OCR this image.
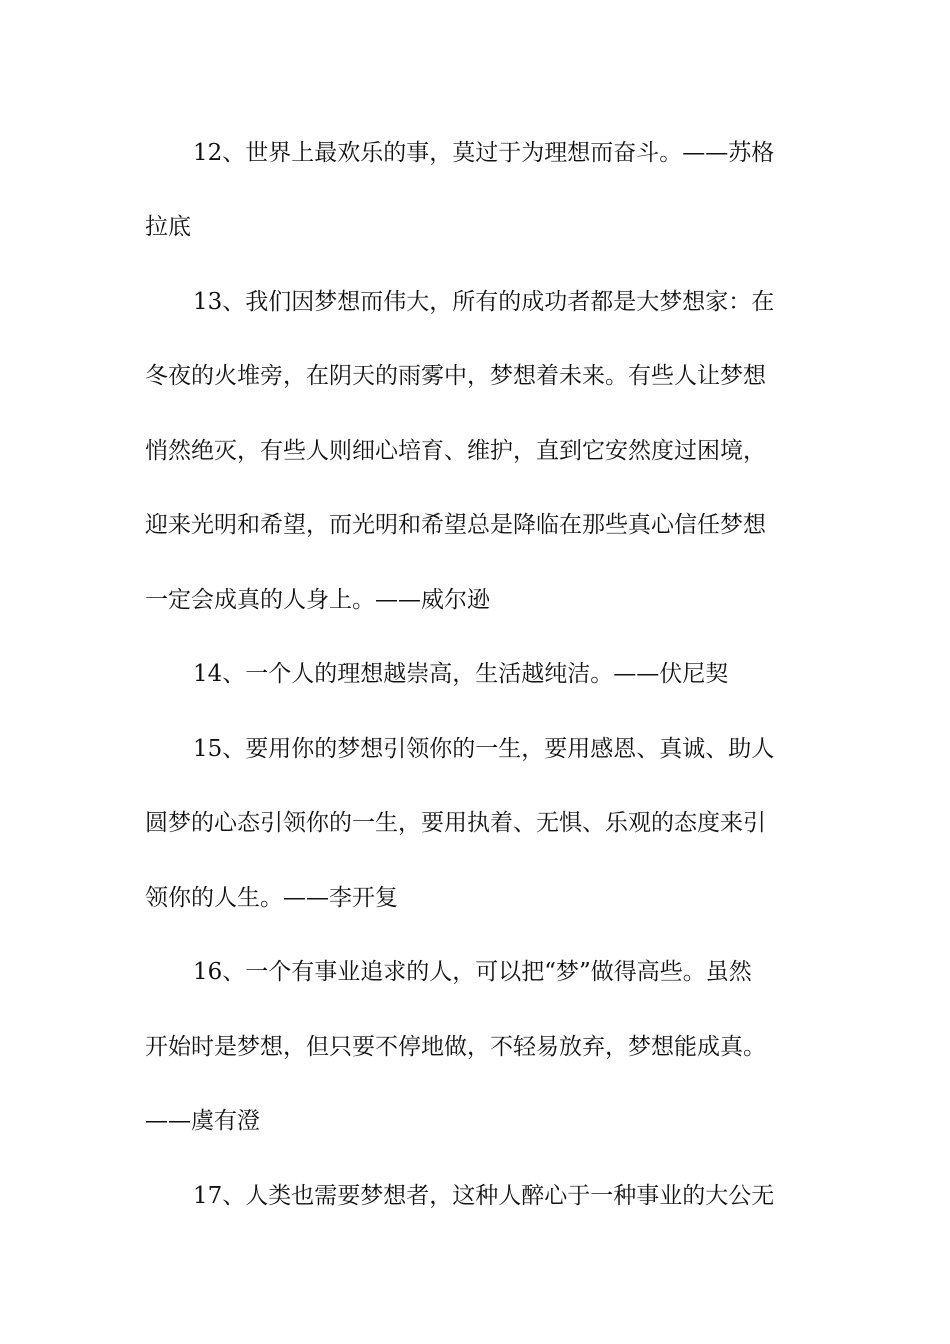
12、世界上最欢乐的事，莫过于为理想而奋斗。——苏格
拉底
13、我们因梦想而伟大，所有的成功者都是大梦想家：在
冬夜的火堆旁，在阴天的雨雾中，梦想着未来。有些人让梦想
悄然绝灭，有些人则细心培育、维护，直到它安然度过困境，
迎来光明和希望，而光明和希望总是降临在那些真心信任梦想
一定会成真的人身上。——威尔逊
14、一个人的理想越崇高，生活越纯洁。——伏尼契
15、要用你的梦想引领你的一生，要用感恩、真诚、助人
圆梦的心态引领你的一生，要用执着、无惧、乐观的态度来引
领你的人生。——李开复
16、一个有事业追求的人，可以把“梦”做得高些。虽然
开始时是梦想，但只要不停地做，不轻易放弃，梦想能成真。
——虞有澄
17、人类也需要梦想者，这种人醉心于一种事业的大公无
